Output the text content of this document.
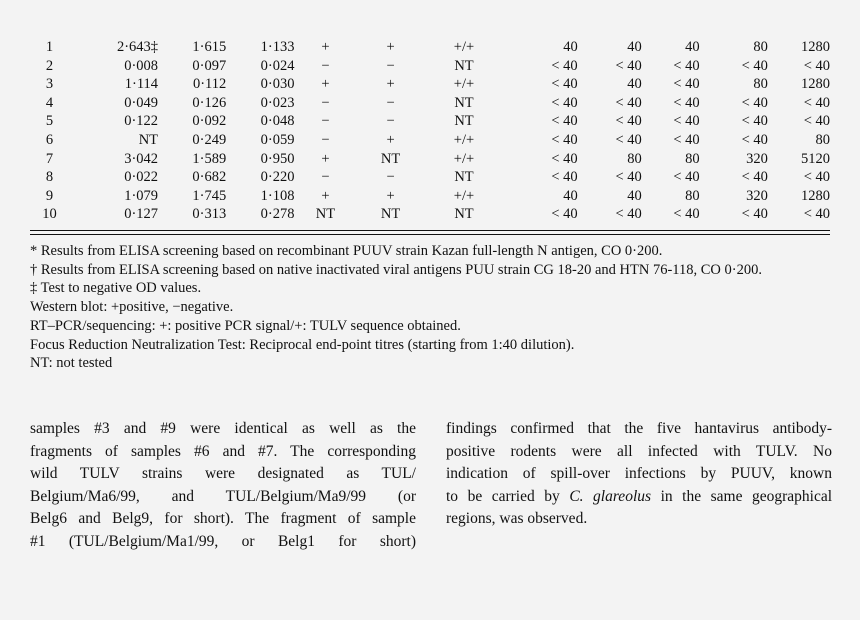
1	2·643‡	1·615	1·133	+	+	+/+	40	40	40	80	1280
2	0·008	0·097	0·024	−	−	NT	< 40	< 40	< 40	< 40	< 40
3	1·114	0·112	0·030	+	+	+/+	< 40	40	< 40	80	1280
4	0·049	0·126	0·023	−	−	NT	< 40	< 40	< 40	< 40	< 40
5	0·122	0·092	0·048	−	−	NT	< 40	< 40	< 40	< 40	< 40
6	NT	0·249	0·059	−	+	+/+	< 40	< 40	< 40	< 40	80
7	3·042	1·589	0·950	+	NT	+/+	< 40	80	80	320	5120
8	0·022	0·682	0·220	−	−	NT	< 40	< 40	< 40	< 40	< 40
9	1·079	1·745	1·108	+	+	+/+	40	40	80	320	1280
10	0·127	0·313	0·278	NT	NT	NT	< 40	< 40	< 40	< 40	< 40

* Results from ELISA screening based on recombinant PUUV strain Kazan full-length N antigen, CO 0·200.

† Results from ELISA screening based on native inactivated viral antigens PUU strain CG 18-20 and HTN 76-118, CO 0·200.

‡ Test to negative OD values.

Western blot: +positive, −negative.

RT–PCR/sequencing: +: positive PCR signal/+: TULV sequence obtained.

Focus Reduction Neutralization Test: Reciprocal end-point titres (starting from 1:40 dilution).

NT: not tested

samples #3 and #9 were identical as well as the
fragments of samples #6 and #7. The corresponding
wild TULV strains were designated as TUL/
Belgium/Ma6/99, and TUL/Belgium/Ma9/99 (or
Belg6 and Belg9, for short). The fragment of sample
#1 (TUL/Belgium/Ma1/99, or Belg1 for short)

findings confirmed that the five hantavirus antibody-
positive rodents were all infected with TULV. No
indication of spill-over infections by PUUV, known
to be carried by C. glareolus in the same geographical
regions, was observed.
